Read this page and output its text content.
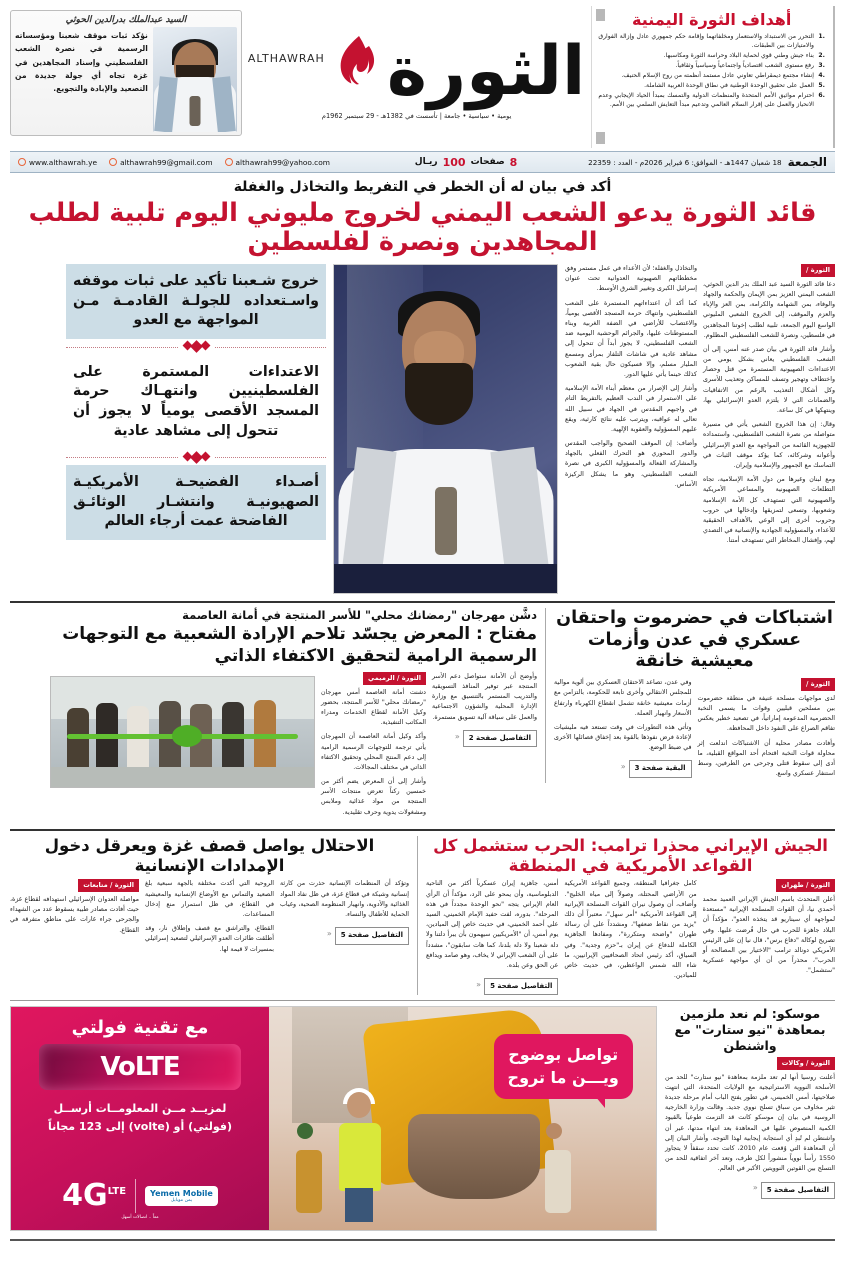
أهداف الثورة اليمنية
.1
التحرر من الاستبداد والاستعمار ومخلفاتهما وإقامة حكم جمهوري عادل وإزالة الفوارق والامتيازات بين الطبقات.
.2
بناء جيش وطني قوي لحماية البلاد وحراسة الثورة ومكاسبها.
.3
رفع مستوى الشعب اقتصادياً واجتماعياً وسياسياً وثقافياً.
.4
إنشاء مجتمع ديمقراطي تعاوني عادل مستمد أنظمته من روح الإسلام الحنيف.
.5
العمل على تحقيق الوحدة الوطنية في نطاق الوحدة العربية الشاملة.
.6
احترام مواثيق الأمم المتحدة والمنظمات الدولية والتمسك بمبدأ الحياد الإيجابي وعدم الانحياز والعمل على إقرار السلام العالمي وتدعيم مبدأ التعايش السلمي بين الأمم.
الثورة
ALTHAWRAH
يومية • سياسية • جامعة | تأسست في 1382هـ - 29 سبتمبر 1962م
السيد عبدالملك بدرالدين الحوثي
نؤكد ثبات موقف شعبنا ومؤسساته الرسمية في نصرة الشعب الفلسطيني وإسناد المجاهدين في غزة تجاه أي جولة جديدة من التصعيد والإبادة والتجويع.
الجمعة
18 شعبان 1447هـ - الموافق: 6 فبراير 2026م - العدد : 22359
8
صفحات
100
ريـال
www.althawrah.ye	althawrah99@gmail.com	althawrah99@yahoo.com
أكد في بيان له أن الخطر في التفريط والتخاذل والغفلة
قائد الثورة يدعو الشعب اليمني لخروج مليوني اليوم تلبية لطلب المجاهدين ونصرة لفلسطين
الثورة /

دعا قائد الثورة السيد عبد الملك بدر الدين الحوثي، الشعب اليمني العزيز بمن الإيمان والحكمة والجهاد والوفاء، بمن الشهامة والكرامة، بمن العز والإباء والعزم والموقف، إلى الخروج الشعبي المليوني الواسع اليوم الجمعة، تلبية لطلب إخوتنا المجاهدين في فلسطين، ونصرة للشعب الفلسطيني المظلوم.

وأشار قائد الثورة في بيان صدر عنه أمس، إلى أن الشعب الفلسطيني يعاني بشكل يومي من الاعتداءات الصهيونية المستمرة من قتل وحصار واختطاف وتهجير وتسف للمساكن وتعذيب للأسرى وكل أشكال التعذيب بالرغم من الاتفاقيات والضمانات التي لا يلتزم العدو الإسرائيلي بها، وينتهكها في كل ساعة.

وقال: إن هذا الخروج الشعبي يأتي في مسيرة متواصلة من نصرة الشعب الفلسطيني، واستمداده للجهوزية القائمة من المواجهة مع العدو الإسرائيلي وأعوانه وشركائه، كما يؤكد موقف الثبات في التماسك مع الجمهور والإسلامية وإيران.

ومع لبنان وغيرها من دول الأمة الإسلامية، تجاه التطلعات الصهيونية والمساعي الأمريكية والصهيونية التي تستهدف كل الأمة الإسلامية وشعوبها، وتسعى لتمزيقها وإدخالها في حروب وحروب أخرى إلى الوعي بالأهداف الحقيقية للأعداء، والمسؤولية الجهادية والإنسانية في التصدي لهم، وإفشال المخاطر التي تستهدف أمتنا.

والتخاذل والغفلة؛ لأن الأعداء في عمل مستمر وفق مخططاتهم الصهيونية العدوانية تحت عنوان إسرائيل الكبرى وتغيير الشرق الأوسط.

كما أكد أن اعتداءاتهم المستمرة على الشعب الفلسطيني، وانتهاك حرمة المسجد الأقصى يومياً، والاغتصاب للأراضي في الضفة الغربية وبناء المستوطنات عليها، والجرائم الوحشية اليومية ضد الشعب الفلسطيني، لا يجوز أبداً أن تتحول إلى مشاهد عادية في شاشات التلفاز بمرأى ومسمع المليار مسلم، وإلا فسيكون حال بقية الشعوب كذلك حينما يأتي عليها الدور.

وأشار إلى الإصرار من معظم أبناء الأمة الإسلامية على الاستمرار في الندب العظيم بالتفريط التام في واجبهم المقدس في الجهاد في سبيل الله تعالى له عواقبه، ويترتب عليه نتائج كارثية، ويقع عليهم المسؤولية والعقوبة الإلهية.

وأضاف: إن الموقف الصحيح والواجب المقدس والدور المحوري هو التحرك الفعلي بالجهاد والمشاركة الفعالة والمسؤولية الكبرى في نصرة الشعب الفلسطيني، وهو ما يشكل الركيزة الأساس.

خروج شـعبنا تأكيد على ثبات موقفه واسـتعداده للجولـة القادمـة مـن المواجهة مع العدو
الاعتداءات المستمرة على الفلسطينيين وانتهـاك حرمة المسجد الأقصى يومياً لا يجوز أن تتحول إلى مشاهد عادية
أصـداء الفضيحـة الأمريكيـة الصهيونيـة وانتشـار الوثائـق الفاضحة عمت أرجاء العالم
اشتباكات في حضرموت واحتقان عسكري في عدن وأزمات معيشية خانقة
الثورة /

لدى مواجهات مسلحة عنيفة في منطقة حضرموت بين مسلحين قبليين وقوات ما يسمى النخبة الحضرمية المدعومة إماراتياً، في تصعيد خطير يعكس تفاقم الصراع على النفوذ داخل المحافظة.

وأفادت مصادر محلية أن الاشتباكات اندلعت إثر محاولة قوات النخبة اقتحام أحد المواقع القبلية، ما أدى إلى سقوط قتلى وجرحى من الطرفين، وسط استنفار عسكري واسع.

وفي عدن، تصاعد الاحتقان العسكري بين ألوية موالية للمجلس الانتقالي وأخرى تابعة للحكومة، بالتزامن مع أزمات معيشية خانقة تشمل انقطاع الكهرباء وارتفاع الأسعار وانهيار العملة.

وتأتي هذه التطورات في وقت تستعد فيه مليشيات لإعادة فرض نفوذها بالقوة بعد إخفاق فصائلها الأخرى في ضبط الوضع.

البقية صفحة 3
«
دشَّن مهرجان "رمضانك محلي" للأسر المنتجة في أمانة العاصمة
مفتاح : المعرض يجسّد تلاحم الإرادة الشعبية مع التوجهات الرسمية الرامية لتحقيق الاكتفاء الذاتي

وأوضح أن الأمانة ستواصل دعم الأسر المنتجة عبر توفير المنافذ التسويقية والتدريب المستمر بالتنسيق مع وزارة الإدارة المحلية والشؤون الاجتماعية والعمل على سياقة آلية تسويق مستمرة.

التفاصيل صفحة 2
«
الثورة / الرميمي

دشنت أمانة العاصمة أمس مهرجان "رمضانك محلي" للأسر المنتجة، بحضور وكيل الأمانة لقطاع الخدمات ومدراء المكاتب التنفيذية.

وأكد وكيل أمانة العاصمة أن المهرجان يأتي ترجمة للتوجهات الرسمية الرامية إلى دعم المنتج المحلي وتحقيق الاكتفاء الذاتي في مختلف المجالات.

وأشار إلى أن المعرض يضم أكثر من خمسين ركناً تعرض منتجات الأسر المنتجة من مواد غذائية وملابس ومشغولات يدوية وحرف تقليدية.

الجيش الإيراني محذرا ترامب: الحرب ستشمل كل القواعد الأمريكية في المنطقة
الثورة / طهران

أعلن المتحدث باسم الجيش الإيراني العميد محمد أحمدي نيا، أن القوات المسلحة الإيرانية "مستعدة لمواجهة أي سيناريو قد يتخذه العدو"، مؤكداً أن البلاد جاهزة للحرب في حال فُرضت عليها. وفي تصريح لوكالة "دفاع برس"، قال نيا إن على الرئيس الأمريكي دونالد ترامب "الاختيار بين المصالحة أو الحرب"، محذراً من أن أي مواجهة عسكرية "ستشمل".

كامل جغرافيا المنطقة، وجميع القواعد الأمريكية من الأراضي المحتلة، وصولاً إلى مياه الخليج". وأضاف، أن وصول نيران القوات المسلحة الإيرانية إلى القواعد الأمريكية "أمر سهل"، معتبراً أن ذلك "يزيد من نقاط ضعفها"، ومشدداً على أن رسالة طهران "واضحة ومتكررة"، ومفادها الجاهزية الكاملة للدفاع عن إيران بـ"حزم وجدية". وفي السياق، أكد رئيس اتحاد الصحافيين الإيرانيين، ما شاء الله شمس الواعظين، في حديث خاص للميادين.

أمس، جاهزية إيران عسكرياً أكثر من الناحية الدبلوماسية، وأن يمحو على الرد، مؤكداً أن الرأي العام الإيراني يتجه "نحو الوحدة مجدداً في هذه المرحلة". بدوره، لفت حفيد الإمام الخميني، السيد علي أحمد الخميني، في حديث خاص إلى الميادين، يوم أمس، أن "الأمريكيين سيهمون بأن يبرأ دلتنا ولا دلة شعبنا ولا دلة بلدنا، كما هات سابقون"، مشدداً على أن الشعب الإيراني لا يخاف، وهو صامد ويدافع عن الحق وعن بلده.

التفاصيل صفحة 5
«
الاحتلال يواصل قصف غزة ويعرقل دخول الإمدادات الإنسانية

وتؤكد أن المنظمات الإنسانية حذرت من كارثة إنسانية وشيكة في قطاع غزة، في ظل نفاد المواد الغذائية والأدوية، وانهيار المنظومة الصحية، وغياب الحماية للأطفال والنساء.

التفاصيل صفحة 5
«

الروحية التي أكدت مختلفة بالجهة سبعية بلغ الصعيد والتماس مع الأوضاع الإنسانية والمعيشية في القطاع، في ظل استمرار منع إدخال المساعدات.

القطاع، والتراشق مع قصف وإطلاق نار، وقد أطلقت طائرات العدو الإسرائيلي لتصعيد إسرائيلي بمسيرات لا قيمة لها.

الثورة / متابعات

مواصلة العدوان الإسرائيلي استهدافه لقطاع غزة، حيث أفادت مصادر طبية بسقوط عدد من الشهداء والجرحى جراء غارات على مناطق متفرقة في القطاع.

موسكو: لم نعد ملزمين بمعاهدة "نيو ستارت" مع واشنطن
الثورة / وكالات

أعلنت روسيا أنها لم تعد ملزمة بمعاهدة "نيو ستارت" للحد من الأسلحة النووية الاستراتيجية مع الولايات المتحدة، التي انتهت صلاحيتها، أمس الخميس، في تطور يفتح الباب أمام مرحلة جديدة تثير مخاوف من سباق تسلح نووي جديد. وقالت وزارة الخارجية الروسية في بيان إن موسكو كانت قد التزمت طوعياً بالقيود الكمية المنصوص عليها في المعاهدة بعد انتهاء مدتها، غير أن واشنطن لم تُبدِ أي استجابة إيجابية لهذا التوجه. وأشار البيان إلى أن المعاهدة التي وُقعت عام 2010، كانت تحدد سقفاً لا يتجاوز 1550 رأساً نووياً منشوراً لكل طرف، وتعد آخر اتفاقية للحد من التسلح بين القوتين النوويتين الأكبر في العالم.

التفاصيل صفحة 5
«
تواصل بوضوح
ويـــن ما تروح
مع تقنية فولتي
VoLTE
لمزيــد مــن المعلومــات أرســل
(فولتي) أو (volte) إلى 123 مجاناً
Yemen Mobile
يمن موبايل
$4G^{LTE}$
معاً .. اتصالات أسهل
